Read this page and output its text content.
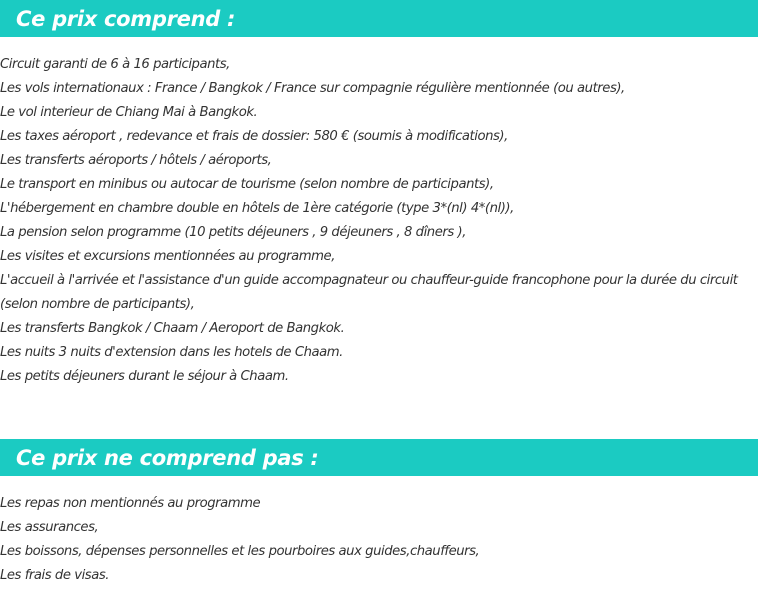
Ce prix comprend :
Circuit garanti de 6 à 16 participants,
Les vols internationaux : France / Bangkok / France sur compagnie régulière mentionnée (ou autres),
Le vol interieur de Chiang Mai à Bangkok.
Les taxes aéroport , redevance et frais de dossier: 580 € (soumis à modifications),
Les transferts aéroports / hôtels / aéroports,
Le transport en minibus ou autocar de tourisme (selon nombre de participants),
L'hébergement en chambre double en hôtels de 1ère catégorie (type 3*(nl) 4*(nl)),
La pension selon programme (10 petits déjeuners , 9 déjeuners , 8 dîners ),
Les visites et excursions mentionnées au programme,
L'accueil à l'arrivée et l'assistance d'un guide accompagnateur ou chauffeur-guide francophone pour la durée du circuit
(selon nombre de participants),
Les transferts Bangkok / Chaam / Aeroport de Bangkok.
Les nuits 3 nuits d'extension dans les hotels de Chaam.
Les petits déjeuners durant le séjour à Chaam.
Ce prix ne comprend pas :
Les repas non mentionnés au programme
Les assurances,
Les boissons, dépenses personnelles et les pourboires aux guides,chauffeurs,
Les frais de visas.
